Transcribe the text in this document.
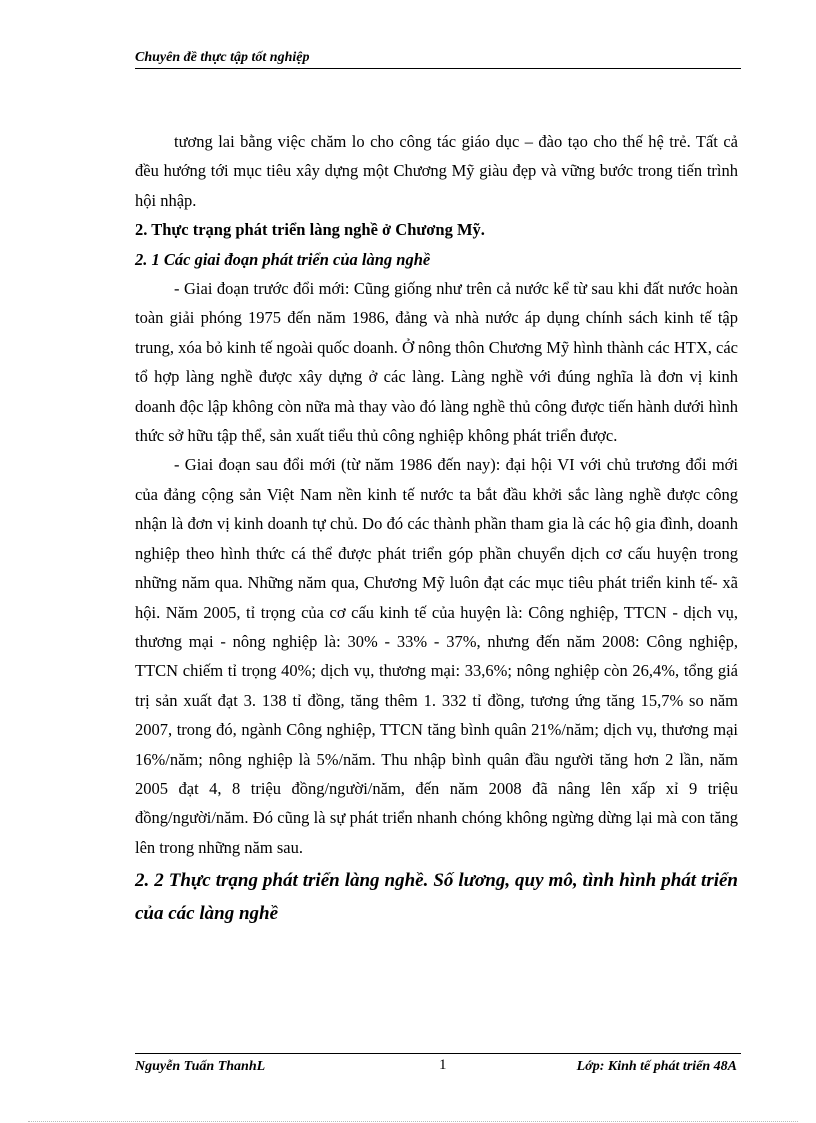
Chuyên đề thực tập tốt nghiệp

tương lai bằng việc chăm lo cho công tác giáo dục – đào tạo cho thế hệ trẻ. Tất cả đều hướng tới mục tiêu xây dựng một Chương Mỹ giàu đẹp và vững bước trong tiến trình hội nhập.

2. Thực trạng phát triển làng nghề ở Chương Mỹ.

2. 1 Các giai đoạn phát triển của làng nghề

- Giai đoạn trước đổi mới: Cũng giống như trên cả nước kể từ sau khi đất nước hoàn toàn giải phóng 1975 đến năm 1986, đảng và nhà nước áp dụng chính sách kinh tế tập trung, xóa bỏ kinh tế ngoài quốc doanh. Ở nông thôn Chương Mỹ hình thành các HTX, các tổ hợp làng nghề được xây dựng ở các làng. Làng nghề với đúng nghĩa là đơn vị kinh doanh độc lập không còn nữa mà thay vào đó làng nghề thủ công được tiến hành dưới hình thức sở hữu tập thể, sản xuất tiểu thủ công nghiệp không phát triển được.

- Giai đoạn sau đổi mới (từ năm 1986 đến nay): đại hội VI với chủ trương đổi mới của đảng cộng sản Việt Nam nền kinh tế nước ta bắt đầu khởi sắc làng nghề được công nhận là đơn vị kinh doanh tự chủ. Do đó các thành phần tham gia là các hộ gia đình, doanh nghiệp theo hình thức cá thể được phát triển góp phần chuyển dịch cơ cấu huyện trong những năm qua. Những năm qua, Chương Mỹ luôn đạt các mục tiêu phát triển kinh tế- xã hội. Năm 2005, tỉ trọng của cơ cấu kinh tế của huyện là: Công nghiệp, TTCN - dịch vụ, thương mại - nông nghiệp là: 30% - 33% - 37%, nhưng đến năm 2008: Công nghiệp, TTCN chiếm tỉ trọng 40%; dịch vụ, thương mại: 33,6%; nông nghiệp còn 26,4%, tổng giá trị sản xuất đạt 3. 138 tỉ đồng, tăng thêm 1. 332 tỉ đồng, tương ứng tăng 15,7% so năm 2007, trong đó, ngành Công nghiệp, TTCN tăng bình quân 21%/năm; dịch vụ, thương mại 16%/năm; nông nghiệp là 5%/năm. Thu nhập bình quân đầu người tăng hơn 2 lần, năm 2005 đạt 4, 8 triệu đồng/người/năm, đến năm 2008 đã nâng lên xấp xỉ 9 triệu đồng/người/năm. Đó cũng là sự phát triển nhanh chóng không ngừng dừng lại mà con tăng lên trong những năm sau.

2. 2 Thực trạng phát triển làng nghề. Số lương, quy mô, tình hình phát triển của các làng nghề

Nguyễn Tuấn ThanhL	1	Lớp: Kinh tế phát triển 48A
